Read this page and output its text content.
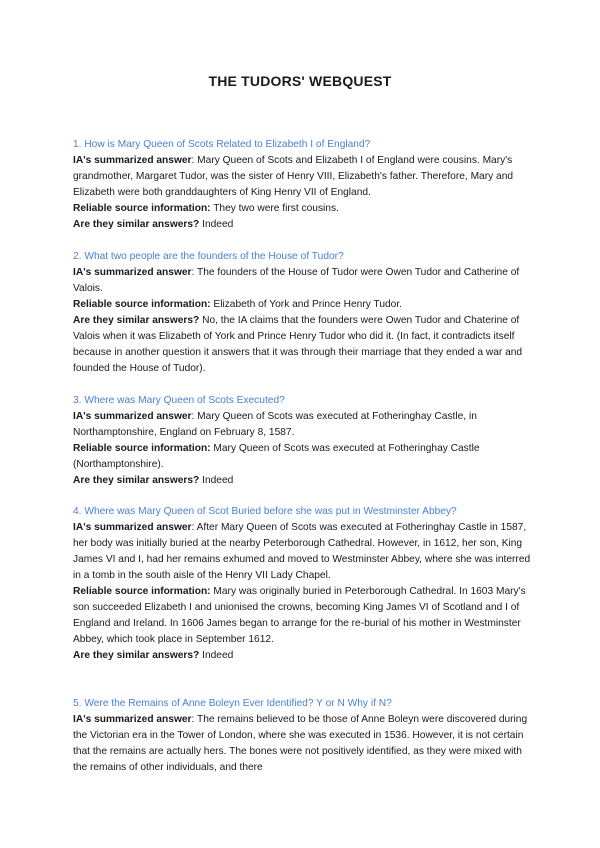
THE TUDORS' WEBQUEST

1. How is Mary Queen of Scots Related to Elizabeth I of England?

IA's summarized answer: Mary Queen of Scots and Elizabeth I of England were cousins. Mary's grandmother, Margaret Tudor, was the sister of Henry VIII, Elizabeth's father. Therefore, Mary and Elizabeth were both granddaughters of King Henry VII of England.

Reliable source information: They two were first cousins.

Are they similar answers? Indeed

2. What two people are the founders of the House of Tudor?

IA's summarized answer: The founders of the House of Tudor were Owen Tudor and Catherine of Valois.

Reliable source information: Elizabeth of York and Prince Henry Tudor.

Are they similar answers? No, the IA claims that the founders were Owen Tudor and Chaterine of Valois when it was Elizabeth of York and Prince Henry Tudor who did it. (In fact, it contradicts itself because in another question it answers that it was through their marriage that they ended a war and founded the House of Tudor).

3. Where was Mary Queen of Scots Executed?

IA's summarized answer: Mary Queen of Scots was executed at Fotheringhay Castle, in Northamptonshire, England on February 8, 1587.

Reliable source information: Mary Queen of Scots was executed at Fotheringhay Castle (Northamptonshire).

Are they similar answers? Indeed

4. Where was Mary Queen of Scot Buried before she was put in Westminster Abbey?

IA's summarized answer: After Mary Queen of Scots was executed at Fotheringhay Castle in 1587, her body was initially buried at the nearby Peterborough Cathedral. However, in 1612, her son, King James VI and I, had her remains exhumed and moved to Westminster Abbey, where she was interred in a tomb in the south aisle of the Henry VII Lady Chapel.

Reliable source information: Mary was originally buried in Peterborough Cathedral. In 1603 Mary's son succeeded Elizabeth I and unionised the crowns, becoming King James VI of Scotland and I of England and Ireland. In 1606 James began to arrange for the re-burial of his mother in Westminster Abbey, which took place in September 1612.

Are they similar answers? Indeed

5. Were the Remains of Anne Boleyn Ever Identified? Y or N Why if N?

IA's summarized answer: The remains believed to be those of Anne Boleyn were discovered during the Victorian era in the Tower of London, where she was executed in 1536. However, it is not certain that the remains are actually hers. The bones were not positively identified, as they were mixed with the remains of other individuals, and there
